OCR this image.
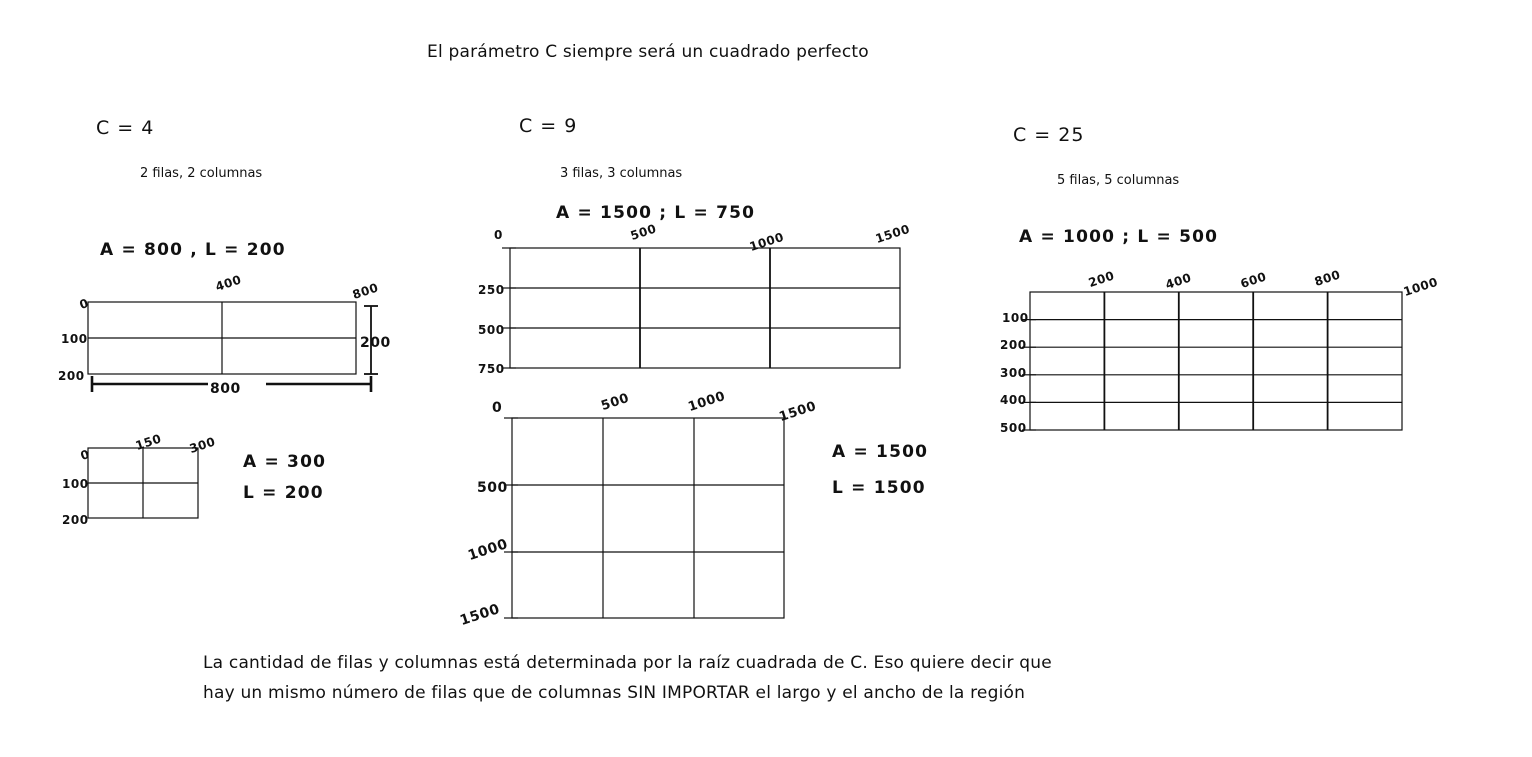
El parámetro C siempre será un cuadrado perfecto
C = 4
2 filas, 2 columnas
A = 800 , L = 200
0
400	800
100
200
200
800
0
150 300
100
200
A = 300
L = 200
C = 9
3 filas, 3 columnas
A = 1500 ; L = 750
0	500	1000	1500
250
500
750
0	500	1000	1500
500
1000
1500
A = 1500
L = 1500
C = 25
5 filas, 5 columnas
A = 1000 ; L = 500
200	400	600	800	1000
100
200
300
400
500
La cantidad de filas y columnas está determinada por la raíz cuadrada de C. Eso quiere decir que
hay un mismo número de filas que de columnas SIN IMPORTAR el largo y el ancho de la región
